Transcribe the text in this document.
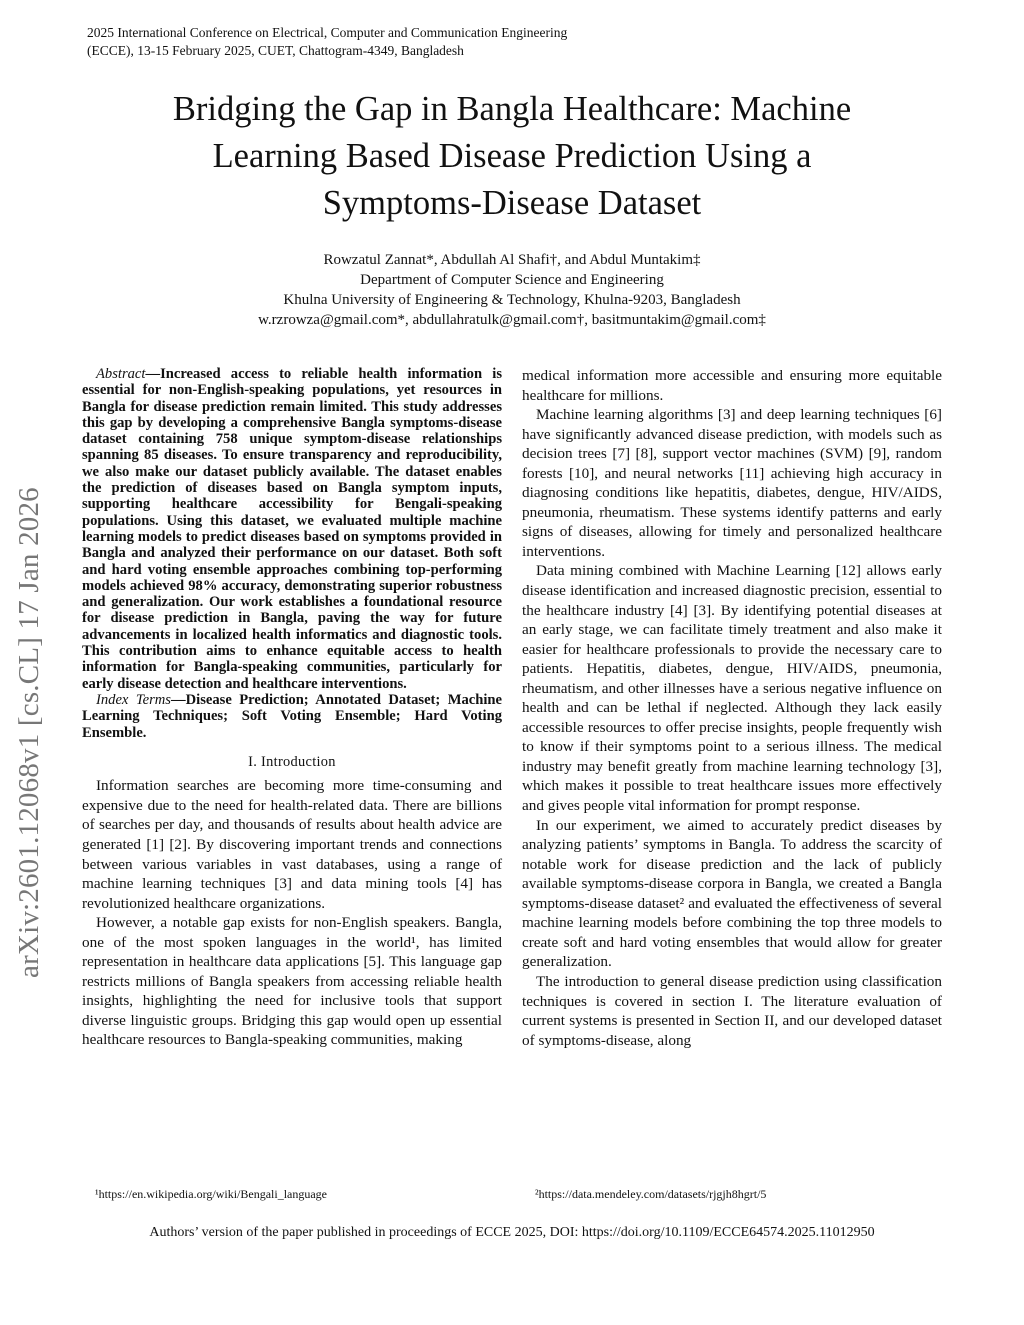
2025 International Conference on Electrical, Computer and Communication Engineering
(ECCE), 13-15 February 2025, CUET, Chattogram-4349, Bangladesh
Bridging the Gap in Bangla Healthcare: Machine
Learning Based Disease Prediction Using a
Symptoms-Disease Dataset
Rowzatul Zannat*, Abdullah Al Shafi†, and Abdul Muntakim‡
Department of Computer Science and Engineering
Khulna University of Engineering & Technology, Khulna-9203, Bangladesh
w.rzrowza@gmail.com*, abdullahratulk@gmail.com†, basitmuntakim@gmail.com‡
arXiv:2601.12068v1 [cs.CL] 17 Jan 2026

Abstract—Increased access to reliable health information is essential for non-English-speaking populations, yet resources in Bangla for disease prediction remain limited. This study addresses this gap by developing a comprehensive Bangla symptoms-disease dataset containing 758 unique symptom-disease relationships spanning 85 diseases. To ensure transparency and reproducibility, we also make our dataset publicly available. The dataset enables the prediction of diseases based on Bangla symptom inputs, supporting healthcare accessibility for Bengali-speaking populations. Using this dataset, we evaluated multiple machine learning models to predict diseases based on symptoms provided in Bangla and analyzed their performance on our dataset. Both soft and hard voting ensemble approaches combining top-performing models achieved 98% accuracy, demonstrating superior robustness and generalization. Our work establishes a foundational resource for disease prediction in Bangla, paving the way for future advancements in localized health informatics and diagnostic tools. This contribution aims to enhance equitable access to health information for Bangla-speaking communities, particularly for early disease detection and healthcare interventions.

Index Terms—Disease Prediction; Annotated Dataset; Machine Learning Techniques; Soft Voting Ensemble; Hard Voting Ensemble.

I. Introduction

Information searches are becoming more time-consuming and expensive due to the need for health-related data. There are billions of searches per day, and thousands of results about health advice are generated [1] [2]. By discovering important trends and connections between various variables in vast databases, using a range of machine learning techniques [3] and data mining tools [4] has revolutionized healthcare organizations.

However, a notable gap exists for non-English speakers. Bangla, one of the most spoken languages in the world¹, has limited representation in healthcare data applications [5]. This language gap restricts millions of Bangla speakers from accessing reliable health insights, highlighting the need for inclusive tools that support diverse linguistic groups. Bridging this gap would open up essential healthcare resources to Bangla-speaking communities, making

medical information more accessible and ensuring more equitable healthcare for millions.

Machine learning algorithms [3] and deep learning techniques [6] have significantly advanced disease prediction, with models such as decision trees [7] [8], support vector machines (SVM) [9], random forests [10], and neural networks [11] achieving high accuracy in diagnosing conditions like hepatitis, diabetes, dengue, HIV/AIDS, pneumonia, rheumatism. These systems identify patterns and early signs of diseases, allowing for timely and personalized healthcare interventions.

Data mining combined with Machine Learning [12] allows early disease identification and increased diagnostic precision, essential to the healthcare industry [4] [3]. By identifying potential diseases at an early stage, we can facilitate timely treatment and also make it easier for healthcare professionals to provide the necessary care to patients. Hepatitis, diabetes, dengue, HIV/AIDS, pneumonia, rheumatism, and other illnesses have a serious negative influence on health and can be lethal if neglected. Although they lack easily accessible resources to offer precise insights, people frequently wish to know if their symptoms point to a serious illness. The medical industry may benefit greatly from machine learning technology [3], which makes it possible to treat healthcare issues more effectively and gives people vital information for prompt response.

In our experiment, we aimed to accurately predict diseases by analyzing patients’ symptoms in Bangla. To address the scarcity of notable work for disease prediction and the lack of publicly available symptoms-disease corpora in Bangla, we created a Bangla symptoms-disease dataset² and evaluated the effectiveness of several machine learning models before combining the top three models to create soft and hard voting ensembles that would allow for greater generalization.

The introduction to general disease prediction using classification techniques is covered in section I. The literature evaluation of current systems is presented in Section II, and our developed dataset of symptoms-disease, along

¹https://en.wikipedia.org/wiki/Bengali_language	²https://data.mendeley.com/datasets/rjgjh8hgrt/5
Authors’ version of the paper published in proceedings of ECCE 2025, DOI: https://doi.org/10.1109/ECCE64574.2025.11012950
